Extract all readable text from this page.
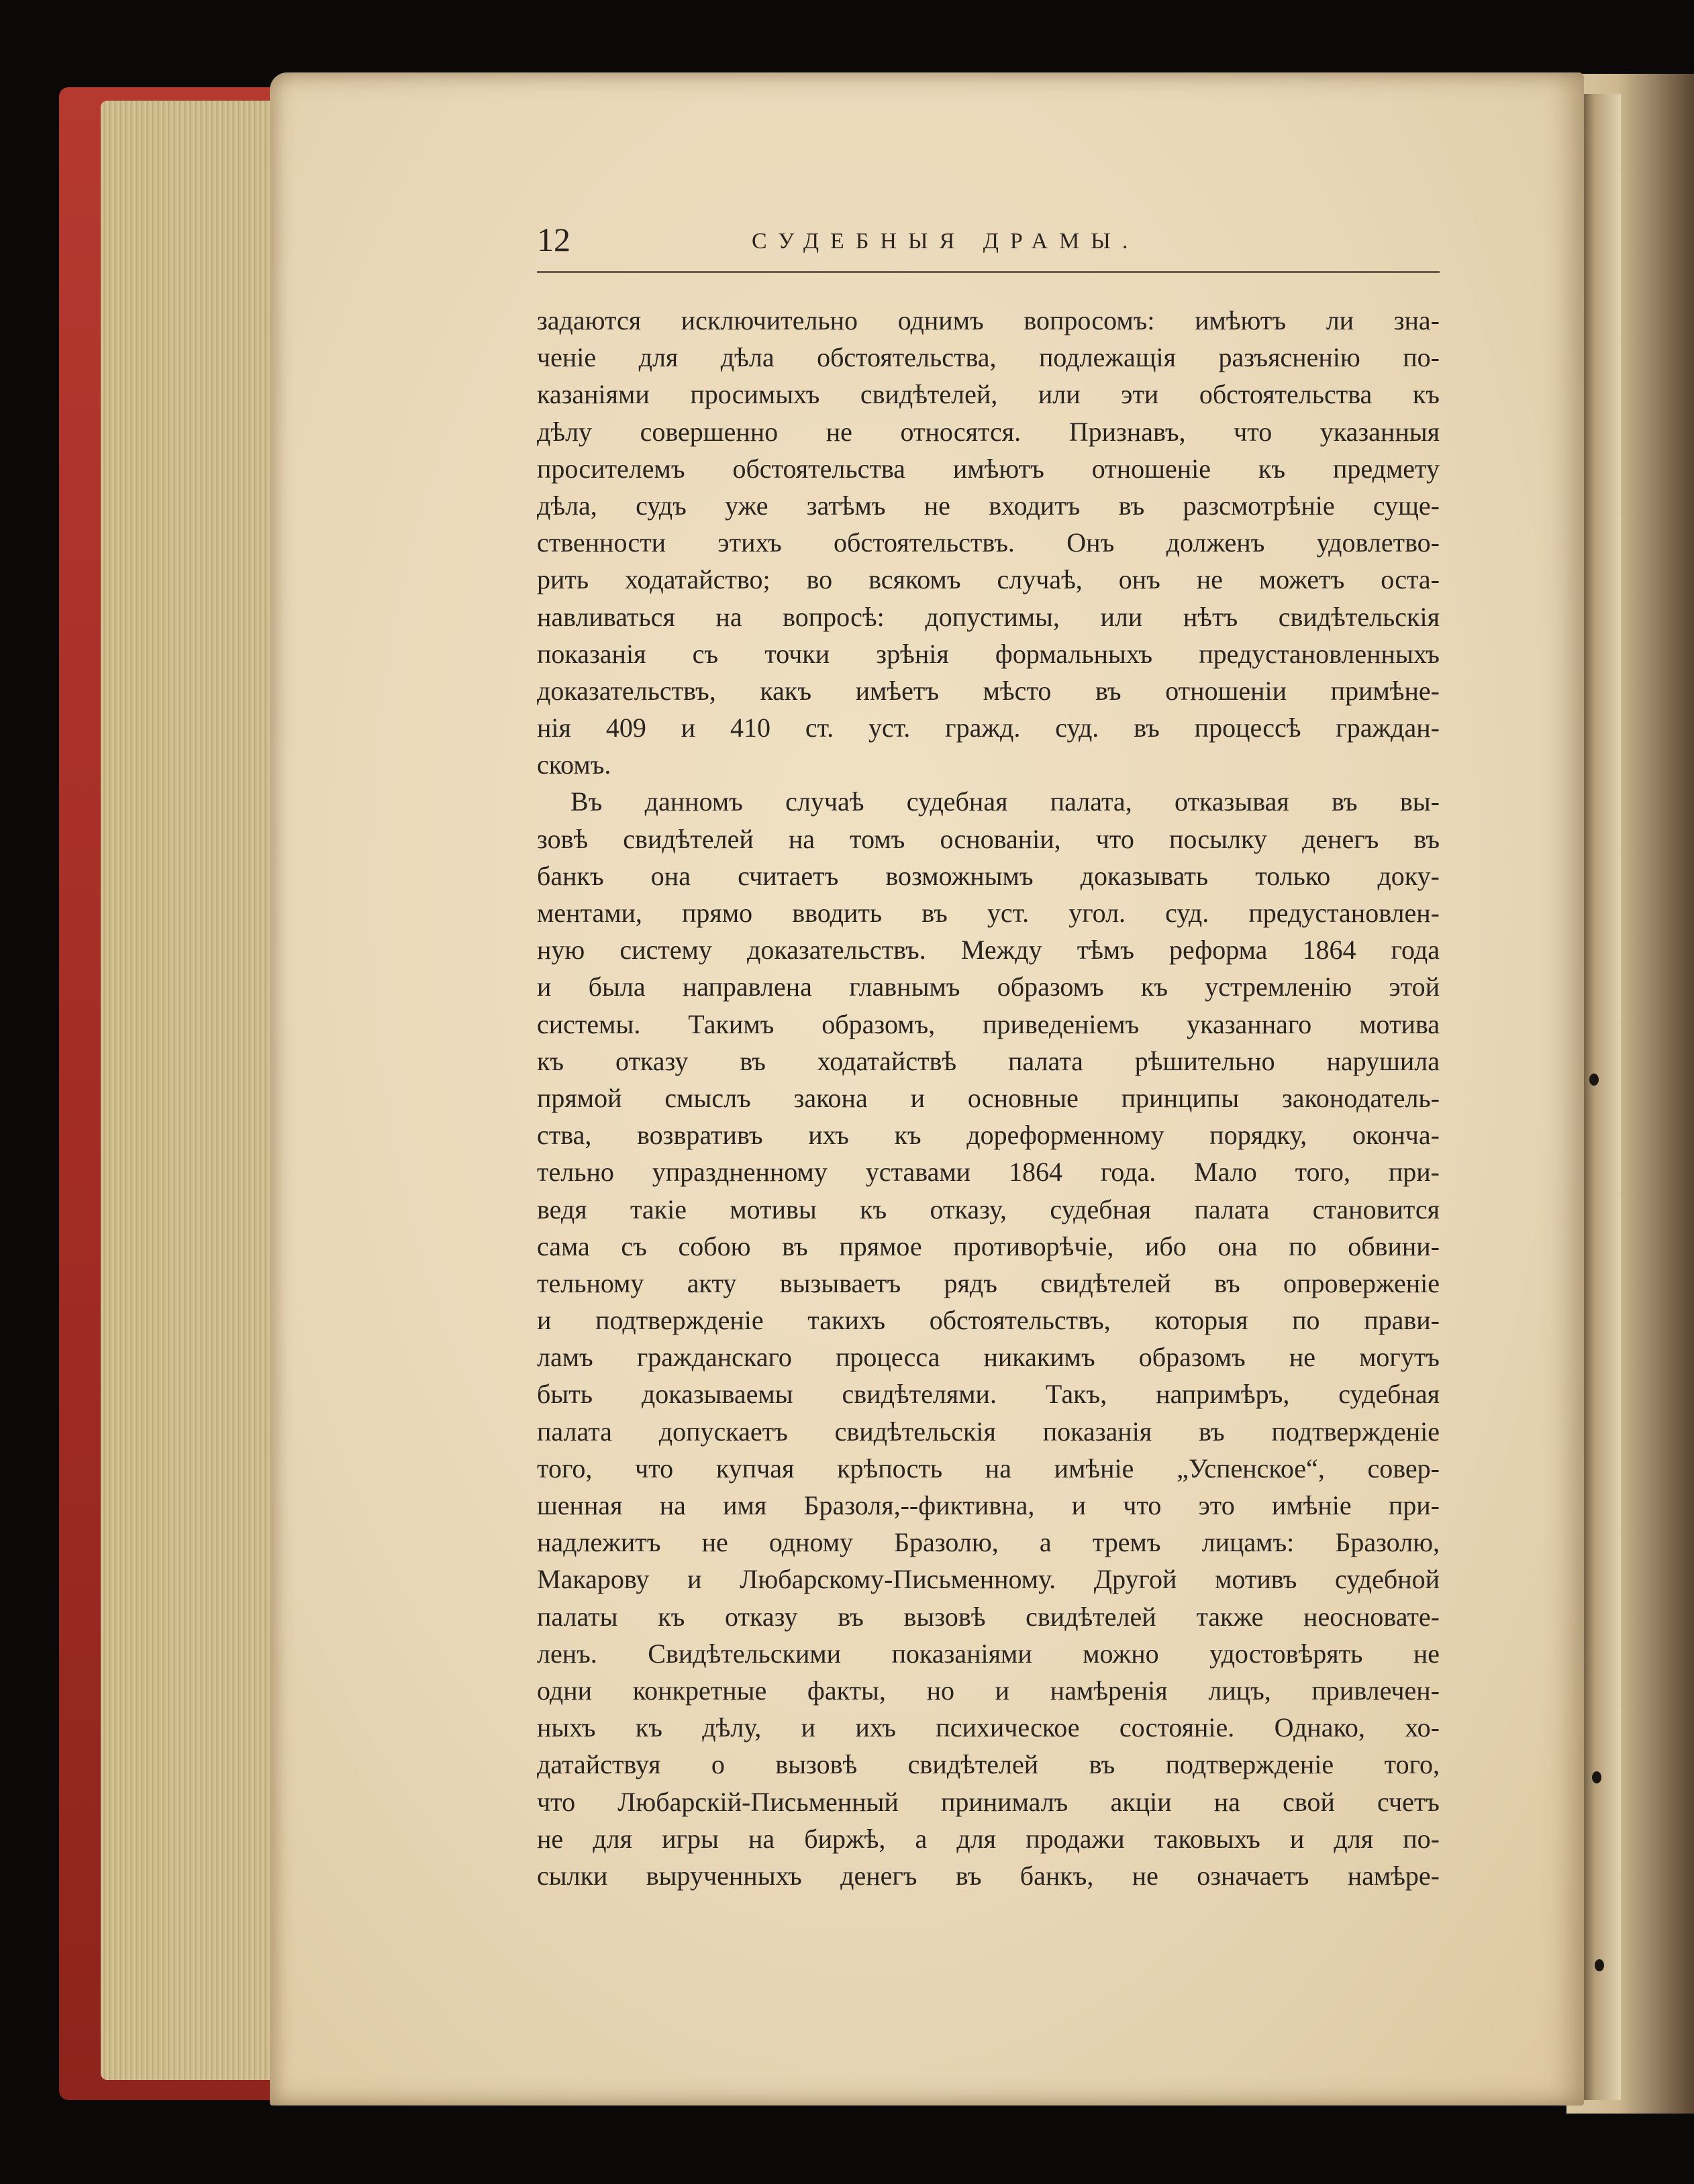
12	СУДЕБНЫЯ ДРАМЫ.
задаются исключительно однимъ вопросомъ: имѣютъ ли зна-
ченіе для дѣла обстоятельства, подлежащія разъясненію по-
казаніями просимыхъ свидѣтелей, или эти обстоятельства къ
дѣлу совершенно не относятся. Признавъ, что указанныя
просителемъ обстоятельства имѣютъ отношеніе къ предмету
дѣла, судъ уже затѣмъ не входитъ въ разсмотрѣніе суще-
ственности этихъ обстоятельствъ. Онъ долженъ удовлетво-
рить ходатайство; во всякомъ случаѣ, онъ не можетъ оста-
навливаться на вопросѣ: допустимы, или нѣтъ свидѣтельскія
показанія съ точки зрѣнія формальныхъ предустановленныхъ
доказательствъ, какъ имѣетъ мѣсто въ отношеніи примѣне-
нія 409 и 410 ст. уст. гражд. суд. въ процессѣ граждан-
скомъ.
Въ данномъ случаѣ судебная палата, отказывая въ вы-
зовѣ свидѣтелей на томъ основаніи, что посылку денегъ въ
банкъ она считаетъ возможнымъ доказывать только доку-
ментами, прямо вводить въ уст. угол. суд. предустановлен-
ную систему доказательствъ. Между тѣмъ реформа 1864 года
и была направлена главнымъ образомъ къ устремленію этой
системы. Такимъ образомъ, приведеніемъ указаннаго мотива
къ отказу въ ходатайствѣ палата рѣшительно нарушила
прямой смыслъ закона и основные принципы законодатель-
ства, возвративъ ихъ къ дореформенному порядку, оконча-
тельно упраздненному уставами 1864 года. Мало того, при-
ведя такіе мотивы къ отказу, судебная палата становится
сама съ собою въ прямое противорѣчіе, ибо она по обвини-
тельному акту вызываетъ рядъ свидѣтелей въ опроверженіе
и подтвержденіе такихъ обстоятельствъ, которыя по прави-
ламъ гражданскаго процесса никакимъ образомъ не могутъ
быть доказываемы свидѣтелями. Такъ, напримѣръ, судебная
палата допускаетъ свидѣтельскія показанія въ подтвержденіе
того, что купчая крѣпость на имѣніе „Успенское“, совер-
шенная на имя Бразоля,--фиктивна, и что это имѣніе при-
надлежитъ не одному Бразолю, а тремъ лицамъ: Бразолю,
Макарову и Любарскому-Письменному. Другой мотивъ судебной
палаты къ отказу въ вызовѣ свидѣтелей также неосновате-
ленъ. Свидѣтельскими показаніями можно удостовѣрять не
одни конкретные факты, но и намѣренія лицъ, привлечен-
ныхъ къ дѣлу, и ихъ психическое состояніе. Однако, хо-
датайствуя о вызовѣ свидѣтелей въ подтвержденіе того,
что Любарскій-Письменный принималъ акціи на свой счетъ
не для игры на биржѣ, а для продажи таковыхъ и для по-
сылки вырученныхъ денегъ въ банкъ, не означаетъ намѣре-
